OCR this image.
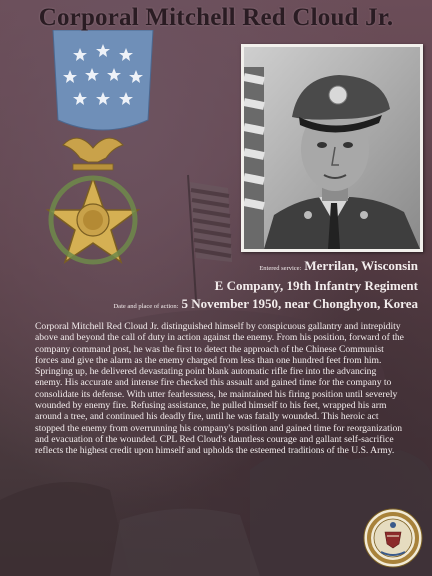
Corporal Mitchell Red Cloud Jr.
Entered service: Merrilan, Wisconsin
E Company, 19th Infantry Regiment
Date and place of action: 5 November 1950, near Chonghyon, Korea
Corporal Mitchell Red Cloud Jr. distinguished himself by conspicuous gallantry and intrepidity above and beyond the call of duty in action against the enemy. From his position, forward of the company command post, he was the first to detect the approach of the Chinese Communist forces and give the alarm as the enemy charged from less than one hundred feet from him. Springing up, he delivered devastating point blank automatic rifle fire into the advancing enemy. His accurate and intense fire checked this assault and gained time for the company to consolidate its defense. With utter fearlessness, he maintained his firing position until severely wounded by enemy fire. Refusing assistance, he pulled himself to his feet, wrapped his arm around a tree, and continued his deadly fire, until he was fatally wounded. This heroic act stopped the enemy from overrunning his company's position and gained time for reorganization and evacuation of the wounded. CPL Red Cloud's dauntless courage and gallant self-sacrifice reflects the highest credit upon himself and upholds the esteemed traditions of the U.S. Army.
